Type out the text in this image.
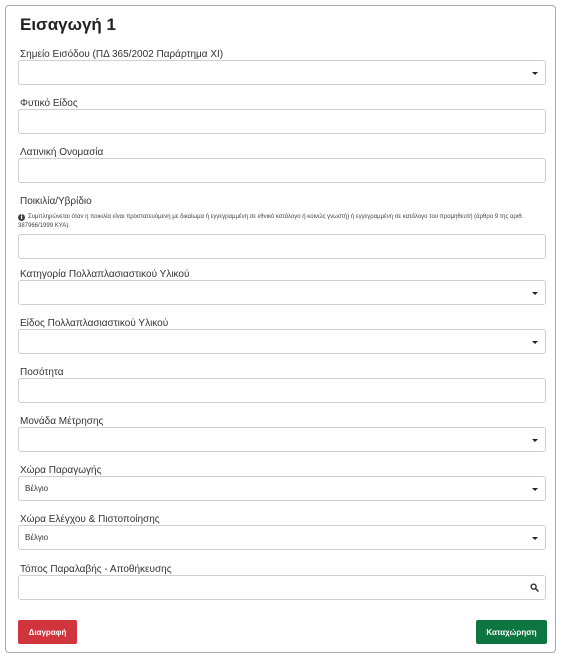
Εισαγωγή 1
Σημείο Εισόδου (ΠΔ 365/2002 Παράρτημα XI)
Φυτικό Είδος
Λατινική Ονομασία
Ποικιλία/Υβρίδιο
i Συμπληρώνεται όταν η ποικιλία είναι προστατευόμενη με δικαίωμα ή εγγεγραμμένη σε εθνικό κατάλογο ή κοινώς γνωστή) ή εγγεγραμμένη σε κατάλογο του προμηθευτή (άρθρο 9 της αριθ. 387966/1999 ΚΥΑ).
Κατηγορία Πολλαπλασιαστικού Υλικού
Είδος Πολλαπλασιαστικού Υλικού
Ποσότητα
Μονάδα Μέτρησης
Χώρα Παραγωγής
Βέλγιο
Χώρα Ελέγχου & Πιστοποίησης
Βέλγιο
Τόπος Παραλαβής - Αποθήκευσης
Διαγραφή	Καταχώρηση
